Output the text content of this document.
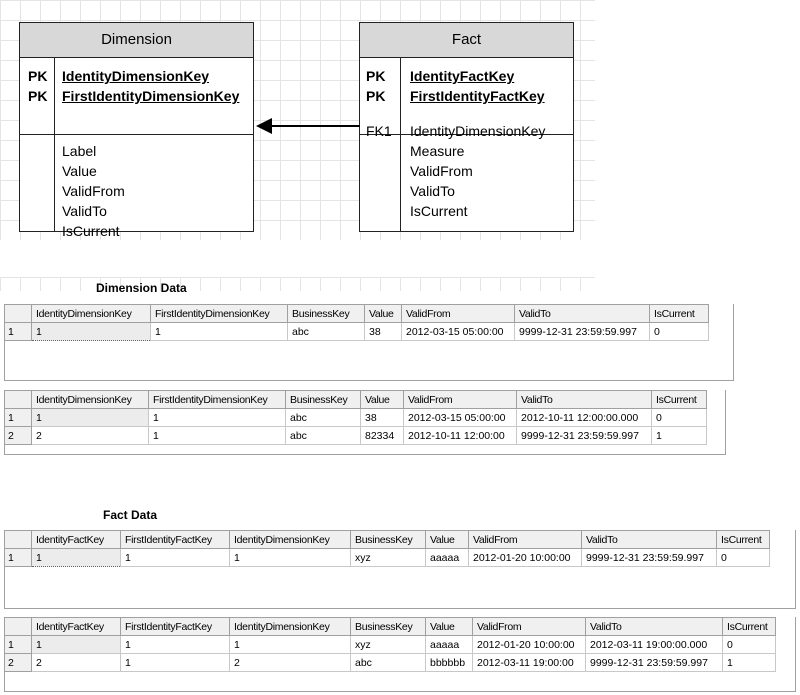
Dimension
PK
PK
IdentityDimensionKey
FirstIdentityDimensionKey
Label
Value
ValidFrom
ValidTo
IsCurrent
Fact
PK
PK
IdentityFactKey
FirstIdentityFactKey
FK1 IdentityDimensionKey
Measure
ValidFrom
ValidTo
IsCurrent
Dimension Data
	IdentityDimensionKey	FirstIdentityDimensionKey	BusinessKey	Value	ValidFrom	ValidTo	IsCurrent
1	1	1	abc	38	2012-03-15 05:00:00	9999-12-31 23:59:59.997	0
	IdentityDimensionKey	FirstIdentityDimensionKey	BusinessKey	Value	ValidFrom	ValidTo	IsCurrent
1	1	1	abc	38	2012-03-15 05:00:00	2012-10-11 12:00:00.000	0
2	2	1	abc	82334	2012-10-11 12:00:00	9999-12-31 23:59:59.997	1
Fact Data
	IdentityFactKey	FirstIdentityFactKey	IdentityDimensionKey	BusinessKey	Value	ValidFrom	ValidTo	IsCurrent
1	1	1	1	xyz	aaaaa	2012-01-20 10:00:00	9999-12-31 23:59:59.997	0
	IdentityFactKey	FirstIdentityFactKey	IdentityDimensionKey	BusinessKey	Value	ValidFrom	ValidTo	IsCurrent
1	1	1	1	xyz	aaaaa	2012-01-20 10:00:00	2012-03-11 19:00:00.000	0
2	2	1	2	abc	bbbbbb	2012-03-11 19:00:00	9999-12-31 23:59:59.997	1
